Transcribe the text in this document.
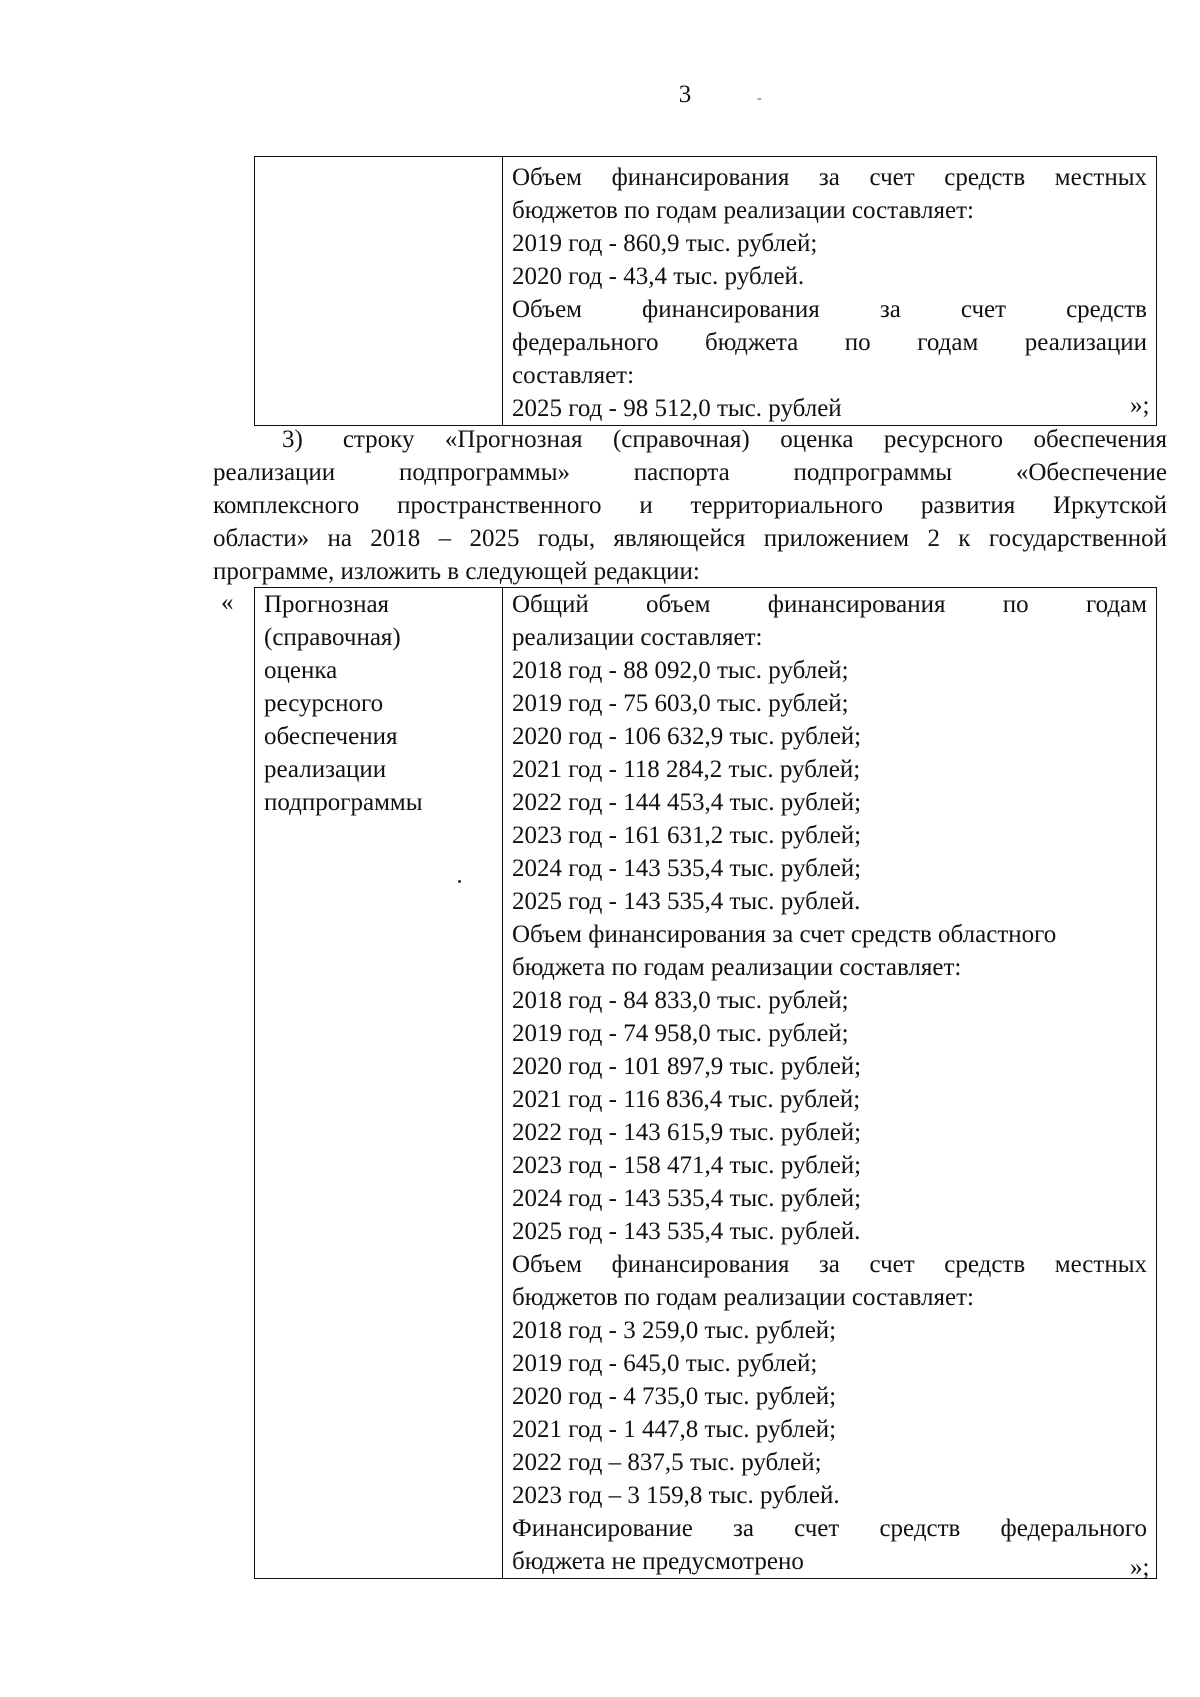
3	-

Объем финансирования за счет средств местных
бюджетов по годам реализации составляет:
2019 год - 860,9 тыс. рублей;
2020 год - 43,4 тыс. рублей.
Объем финансирования за счет средств
федерального бюджета по годам реализации
составляет:
2025 год - 98 512,0 тыс. рублей	»;
3) строку «Прогнозная (справочная) оценка ресурсного обеспечения
реализации подпрограммы» паспорта подпрограммы «Обеспечение
комплексного пространственного и территориального развития Иркутской
области» на 2018 – 2025 годы, являющейся приложением 2 к государственной
программе, изложить в следующей редакции:
« Прогнозная
(справочная)
оценка
ресурсного
обеспечения
реализации
подпрограммы

Общий объем финансирования по годам
реализации составляет:
2018 год - 88 092,0 тыс. рублей;
2019 год - 75 603,0 тыс. рублей;
2020 год - 106 632,9 тыс. рублей;
2021 год - 118 284,2 тыс. рублей;
2022 год - 144 453,4 тыс. рублей;
2023 год - 161 631,2 тыс. рублей;
2024 год - 143 535,4 тыс. рублей;
2025 год - 143 535,4 тыс. рублей.
Объем финансирования за счет средств областного
бюджета по годам реализации составляет:
2018 год - 84 833,0 тыс. рублей;
2019 год - 74 958,0 тыс. рублей;
2020 год - 101 897,9 тыс. рублей;
2021 год - 116 836,4 тыс. рублей;
2022 год - 143 615,9 тыс. рублей;
2023 год - 158 471,4 тыс. рублей;
2024 год - 143 535,4 тыс. рублей;
2025 год - 143 535,4 тыс. рублей.
Объем финансирования за счет средств местных
бюджетов по годам реализации составляет:
2018 год - 3 259,0 тыс. рублей;
2019 год - 645,0 тыс. рублей;
2020 год - 4 735,0 тыс. рублей;
2021 год - 1 447,8 тыс. рублей;
2022 год – 837,5 тыс. рублей;
2023 год – 3 159,8 тыс. рублей.
Финансирование за счет средств федерального
бюджета не предусмотрено	»;
